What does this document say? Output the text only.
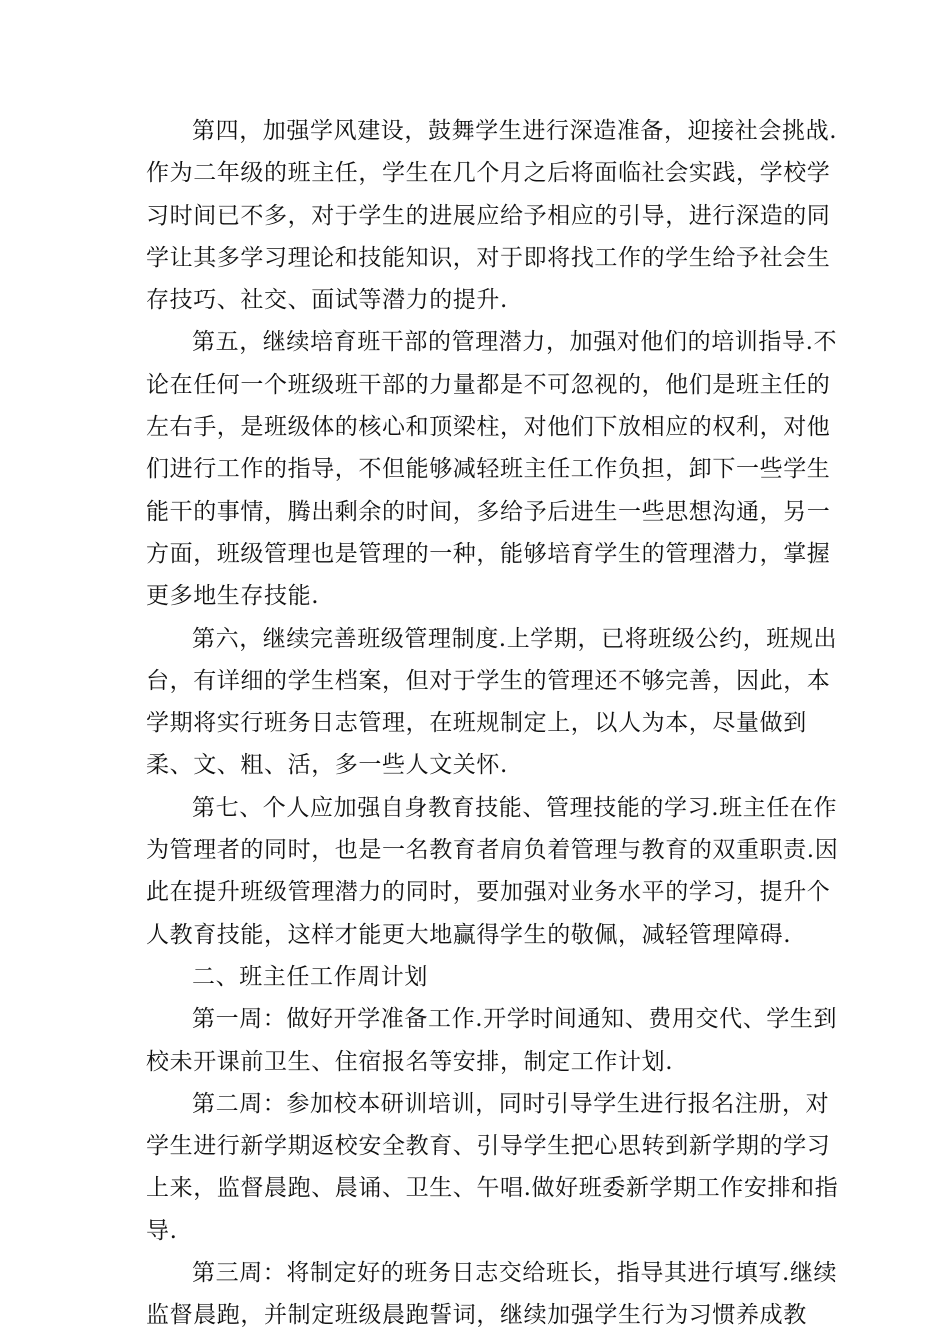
第四，加强学风建设，鼓舞学生进行深造准备，迎接社会挑战.
作为二年级的班主任，学生在几个月之后将面临社会实践，学校学
习时间已不多，对于学生的进展应给予相应的引导，进行深造的同
学让其多学习理论和技能知识，对于即将找工作的学生给予社会生
存技巧、社交、面试等潜力的提升.
第五，继续培育班干部的管理潜力，加强对他们的培训指导.不
论在任何一个班级班干部的力量都是不可忽视的，他们是班主任的
左右手，是班级体的核心和顶梁柱，对他们下放相应的权利，对他
们进行工作的指导，不但能够减轻班主任工作负担，卸下一些学生
能干的事情，腾出剩余的时间，多给予后进生一些思想沟通，另一
方面，班级管理也是管理的一种，能够培育学生的管理潜力，掌握
更多地生存技能.
第六，继续完善班级管理制度.上学期，已将班级公约，班规出
台，有详细的学生档案，但对于学生的管理还不够完善，因此，本
学期将实行班务日志管理，在班规制定上，以人为本，尽量做到
柔、文、粗、活，多一些人文关怀.
第七、个人应加强自身教育技能、管理技能的学习.班主任在作
为管理者的同时，也是一名教育者肩负着管理与教育的双重职责.因
此在提升班级管理潜力的同时，要加强对业务水平的学习，提升个
人教育技能，这样才能更大地赢得学生的敬佩，减轻管理障碍.
二、班主任工作周计划
第一周：做好开学准备工作.开学时间通知、费用交代、学生到
校未开课前卫生、住宿报名等安排，制定工作计划.
第二周：参加校本研训培训，同时引导学生进行报名注册，对
学生进行新学期返校安全教育、引导学生把心思转到新学期的学习
上来，监督晨跑、晨诵、卫生、午唱.做好班委新学期工作安排和指
导.
第三周：将制定好的班务日志交给班长，指导其进行填写.继续
监督晨跑，并制定班级晨跑誓词，继续加强学生行为习惯养成教
